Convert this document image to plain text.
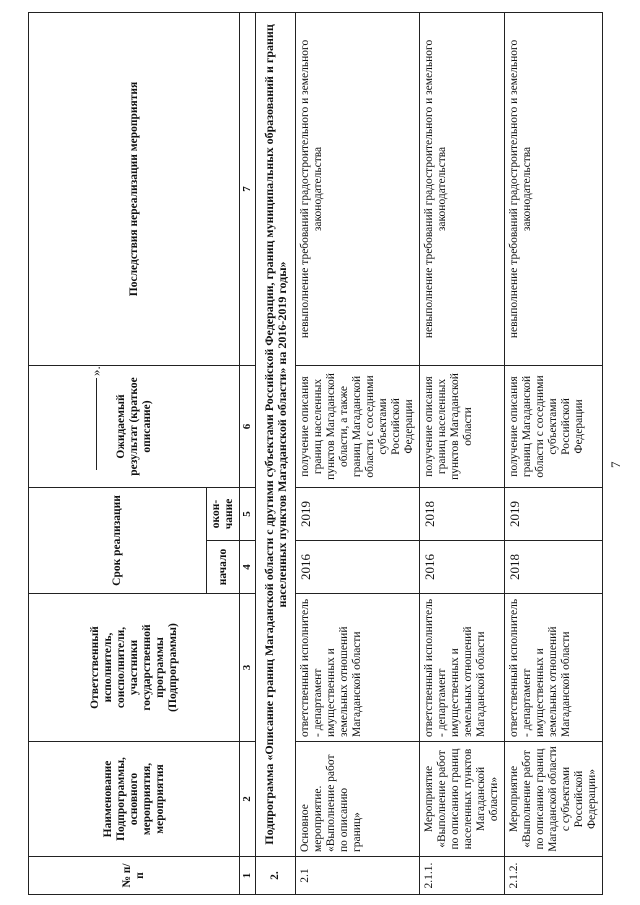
7
№ п/п	Наименование Подпрограммы, основного мероприятия, мероприятия	Ответственный исполнитель, соисполнители, участники государственной программы (Подпрограммы)	Срок реализации		Ожидаемый результат (краткое описание)	Последствия нереализации мероприятия
			начало	окон-чание		
1	2	3	4	5	6	7
2.	Подпрограмма «Описание границ Магаданской области с другими субъектами Российской Федерации, границ муниципальных образований и границ населенных пунктов Магаданской области» на 2016-2019 годы»					
2.1	Основное мероприятие. «Выполнение работ по описанию границ»	ответственный исполнитель - департамент имущественных и земельных отношений Магаданской области	2016	2019	получение описания границ населенных пунктов Магаданской области, а также границ Магаданской области с соседними субъектами Российской Федерации	невыполнение требований градостроительного и земельного законодательства
2.1.1.	Мероприятие «Выполнение работ по описанию границ населенных пунктов Магаданской области»	ответственный исполнитель - департамент имущественных и земельных отношений Магаданской области	2016	2018	получение описания границ населенных пунктов Магаданской области	невыполнение требований градостроительного и земельного законодательства
2.1.2.	Мероприятие «Выполнение работ по описанию границ Магаданской области с субъектами Российской Федерации»	ответственный исполнитель - департамент имущественных и земельных отношений Магаданской области	2018	2019	получение описания границ Магаданской области с соседними субъектами Российской Федерации	невыполнение требований градостроительного и земельного законодательства
».
